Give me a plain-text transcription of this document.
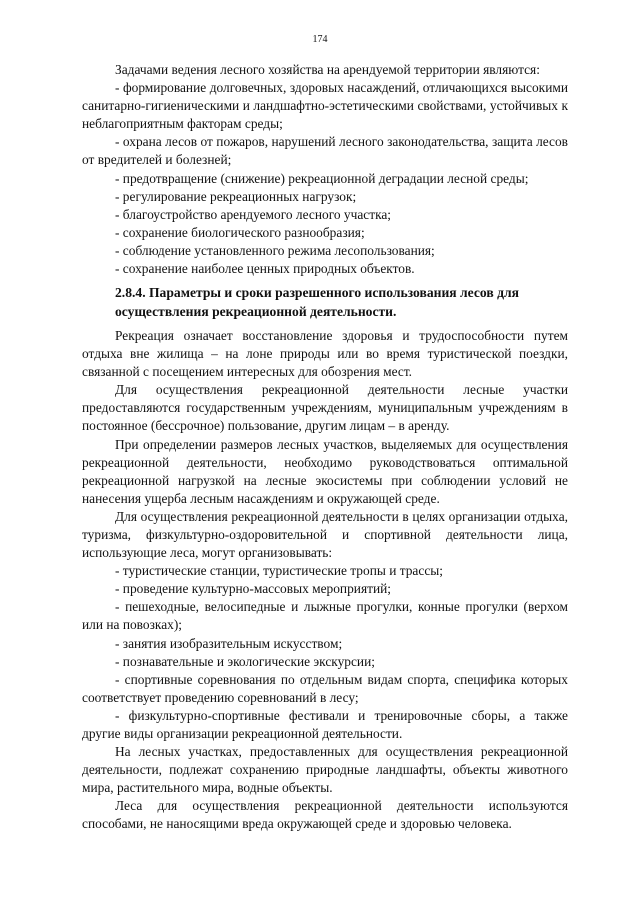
174

Задачами ведения лесного хозяйства на арендуемой территории являются:

- формирование долговечных, здоровых насаждений, отличающихся высокими санитарно-гигиеническими и ландшафтно-эстетическими свойствами, устойчивых к неблагоприятным факторам среды;

- охрана лесов от пожаров, нарушений лесного законодательства, защита лесов от вредителей и болезней;

- предотвращение (снижение) рекреационной деградации лесной среды;

- регулирование рекреационных нагрузок;

- благоустройство арендуемого лесного участка;

- сохранение биологического разнообразия;

- соблюдение установленного режима лесопользования;

- сохранение наиболее ценных природных объектов.

2.8.4. Параметры и сроки разрешенного использования лесов для осуществления рекреационной деятельности.

Рекреация означает восстановление здоровья и трудоспособности путем отдыха вне жилища – на лоне природы или во время туристической поездки, связанной с посещением интересных для обозрения мест.

Для осуществления рекреационной деятельности лесные участки предоставляются государственным учреждениям, муниципальным учреждениям в постоянное (бессрочное) пользование, другим лицам – в аренду.

При определении размеров лесных участков, выделяемых для осуществления рекреационной деятельности, необходимо руководствоваться оптимальной рекреационной нагрузкой на лесные экосистемы при соблюдении условий не нанесения ущерба лесным насаждениям и окружающей среде.

Для осуществления рекреационной деятельности в целях организации отдыха, туризма, физкультурно-оздоровительной и спортивной деятельности лица, использующие леса, могут организовывать:

- туристические станции, туристические тропы и трассы;

- проведение культурно-массовых мероприятий;

- пешеходные, велосипедные и лыжные прогулки, конные прогулки (верхом или на повозках);

- занятия изобразительным искусством;

- познавательные и экологические экскурсии;

- спортивные соревнования по отдельным видам спорта, специфика которых соответствует проведению соревнований в лесу;

- физкультурно-спортивные фестивали и тренировочные сборы, а также другие виды организации рекреационной деятельности.

На лесных участках, предоставленных для осуществления рекреационной деятельности, подлежат сохранению природные ландшафты, объекты животного мира, растительного мира, водные объекты.

Леса для осуществления рекреационной деятельности используются способами, не наносящими вреда окружающей среде и здоровью человека.
